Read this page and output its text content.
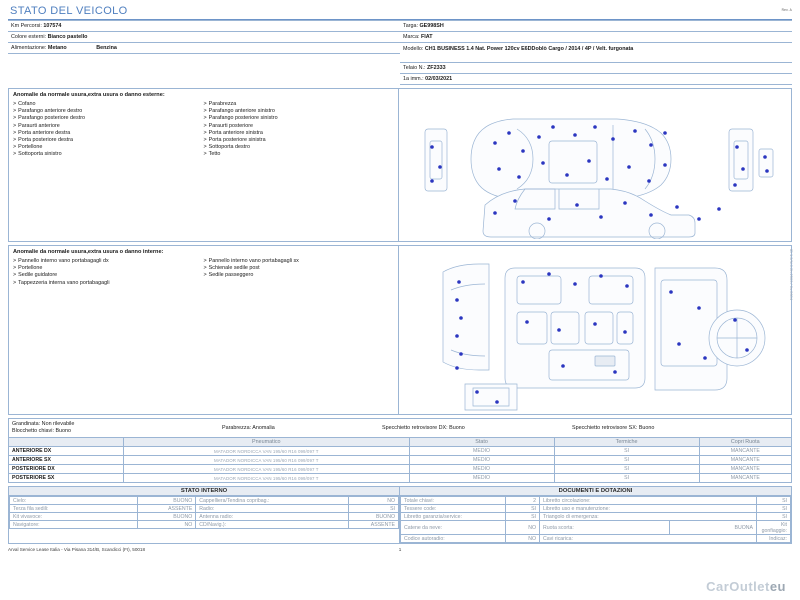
Rev. A
STATO DEL VEICOLO
Km Percorsi: 107574
Colore esterni: Bianco pastello
Alimentazione: Metano	Benzina
Targa: GE998SH
Marca: FIAT
Modello: CH1 BUSINESS 1.4 Nat. Power 120cv E6DDoblò Cargo / 2014 / 4P / Velt. furgonata
Telaio N.: ZF2333
1a imm.: 02/03/2021
Anomalie da normale usura,extra usura o danno esterne:
> Cofano
> Parafango anteriore destro
> Parafango posteriore destro
> Paraurti anteriore
> Porta anteriore destra
> Porta posteriore destra
> Portellone
> Sottoporta sinistro
> Parabrezza
> Parafango anteriore sinistro
> Parafango posteriore sinistro
> Paraurti posteriore
> Porta anteriore sinistra
> Porta posteriore sinistra
> Sottoporta destro
> Tetto
Anomalie da normale usura,extra usura o danno interne:
> Pannello interno vano portabagagli dx
> Portellone
> Sedile guidatore
> Tappezzeria interna vano portabagagli
> Pannello interno vano portabagagli sx
> Schienale sedile post
> Sedile passeggero
Grandinata: Non rilevabile
Blocchetto chiavi: Buono	Parabrezza: Anomalia	Specchietto retrovisore DX: Buono	Specchietto retrovisore SX: Buono
	Pneumatico	Stato	Termiche	Copri Ruota
ANTERIORE DX	MATADOR NORDICCA VAN 195/60 R16 099/097 T	MEDIO	SI	MANCANTE
ANTERIORE SX	MATADOR NORDICCA VAN 195/60 R16 099/097 T	MEDIO	SI	MANCANTE
POSTERIORE DX	MATADOR NORDICCA VAN 195/60 R16 099/097 T	MEDIO	SI	MANCANTE
POSTERIORE SX	MATADOR NORDICCA VAN 195/60 R16 099/097 T	MEDIO	SI	MANCANTE
STATO INTERNO
Cielo:	BUONO	Cappelliera/Tendina copribag.:	NO
Terza fila sedili:	ASSENTE	Radio:	SI
Kit vivavoce:	BUONO	Antenna radio:	BUONO
Navigatore:	NO	CD/Navig.):	ASSENTE
DOCUMENTI E DOTAZIONI
Totale chiavi:	2	Libretto circolazione:		SI
Tessere code:	SI	Libretto uso e manutenzione:		SI
Libretto garanzia/service:	SI	Triangolo di emergenza:		SI
Catene da neve:	NO	Ruota scorta:	BUONA	Kit gonfiaggio:
Codice autoradio:	NO	Cavi ricarica:		Indicaz:
Arval Service Lease Italia - Via Pisana 314/B, Scandicci (FI), 50018	1
ID 1.2/N.0.2h.2503 / 0s.0604
CarOutleteu
